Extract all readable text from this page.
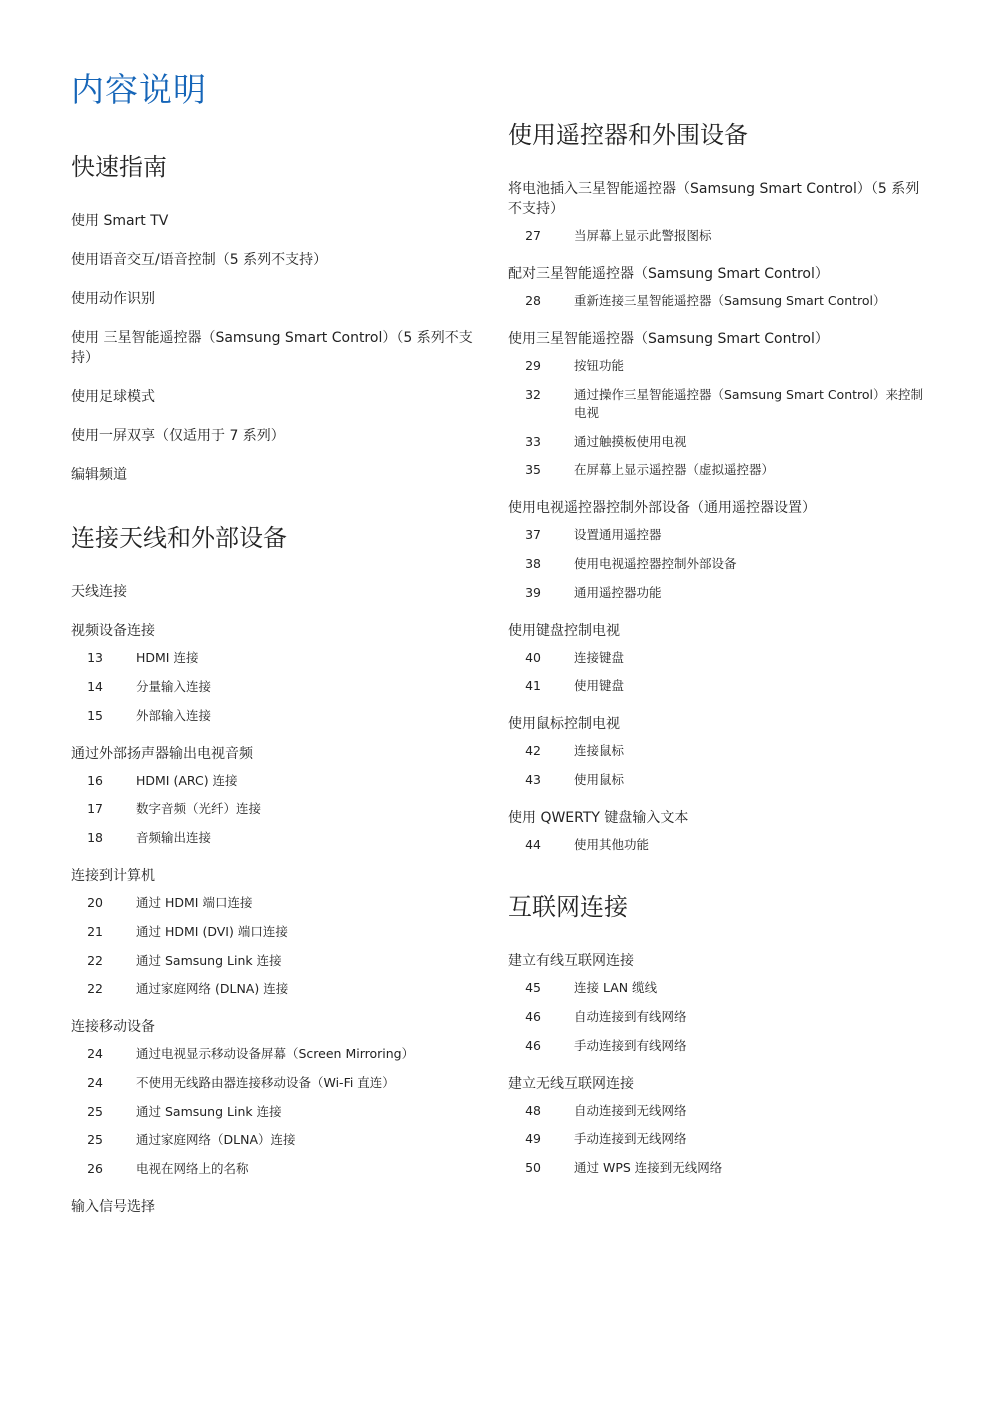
内容说明
快速指南
使用 Smart TV
使用语音交互/语音控制（5 系列不支持）
使用动作识别
使用 三星智能遥控器（Samsung Smart Control）（5 系列不支持）
使用足球模式
使用一屏双享（仅适用于 7 系列）
编辑频道
连接天线和外部设备
天线连接
视频设备连接
13	HDMI 连接
14	分量输入连接
15	外部输入连接
通过外部扬声器输出电视音频
16	HDMI (ARC) 连接
17	数字音频（光纤）连接
18	音频输出连接
连接到计算机
20	通过 HDMI 端口连接
21	通过 HDMI (DVI) 端口连接
22	通过 Samsung Link 连接
22	通过家庭网络 (DLNA) 连接
连接移动设备
24	通过电视显示移动设备屏幕（Screen Mirroring）
24	不使用无线路由器连接移动设备（Wi-Fi 直连）
25	通过 Samsung Link 连接
25	通过家庭网络（DLNA）连接
26	电视在网络上的名称
输入信号选择
使用遥控器和外围设备
将电池插入三星智能遥控器（Samsung Smart Control）（5 系列不支持）
27	当屏幕上显示此警报图标
配对三星智能遥控器（Samsung Smart Control）
28	重新连接三星智能遥控器（Samsung Smart Control）
使用三星智能遥控器（Samsung Smart Control）
29	按钮功能
32	通过操作三星智能遥控器（Samsung Smart Control）来控制电视
33	通过触摸板使用电视
35	在屏幕上显示遥控器（虚拟遥控器）
使用电视遥控器控制外部设备（通用遥控器设置）
37	设置通用遥控器
38	使用电视遥控器控制外部设备
39	通用遥控器功能
使用键盘控制电视
40	连接键盘
41	使用键盘
使用鼠标控制电视
42	连接鼠标
43	使用鼠标
使用 QWERTY 键盘输入文本
44	使用其他功能
互联网连接
建立有线互联网连接
45	连接 LAN 缆线
46	自动连接到有线网络
46	手动连接到有线网络
建立无线互联网连接
48	自动连接到无线网络
49	手动连接到无线网络
50	通过 WPS 连接到无线网络
